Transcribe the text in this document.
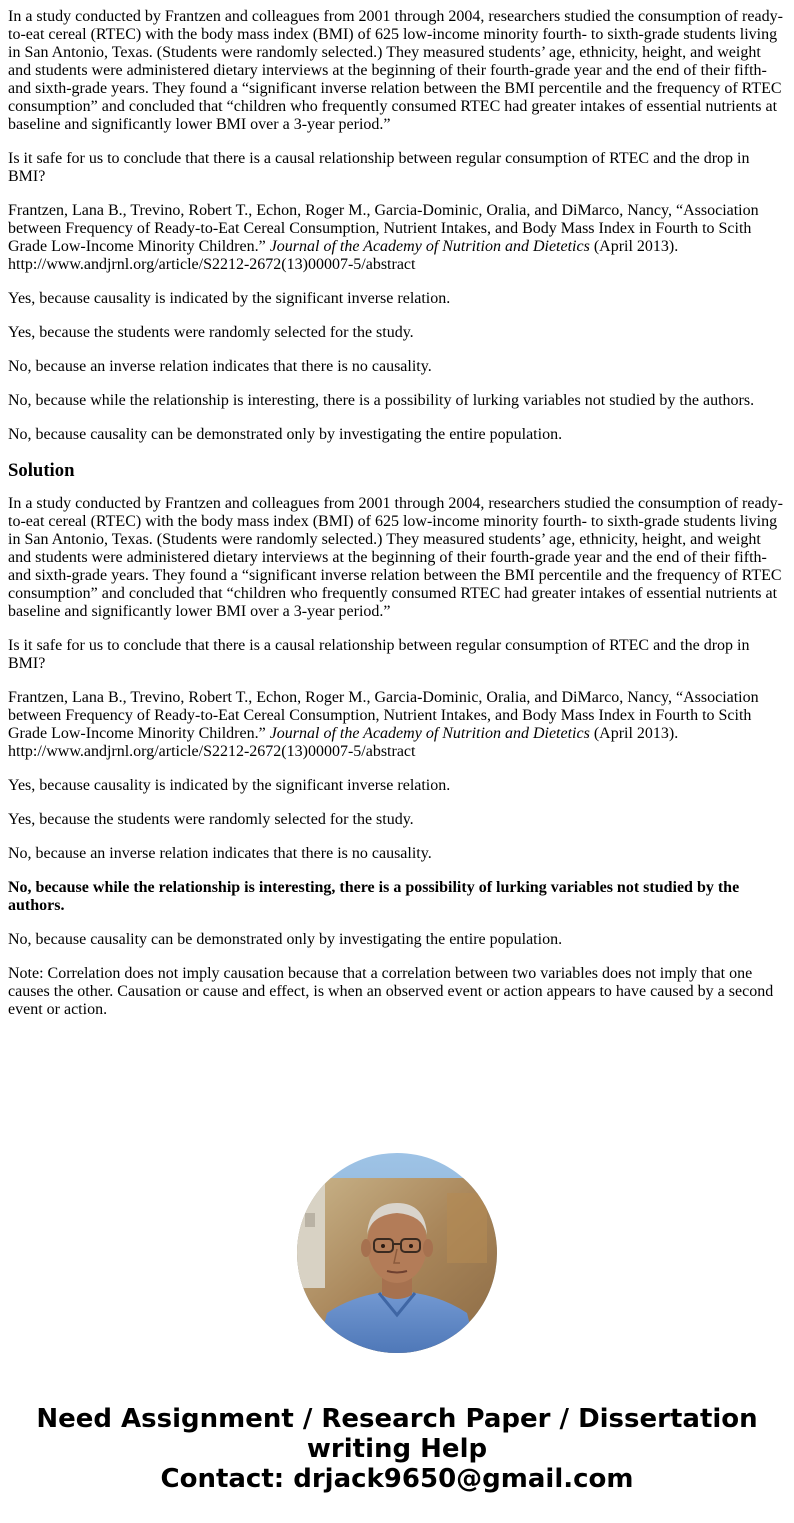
In a study conducted by Frantzen and colleagues from 2001 through 2004, researchers studied the consumption of ready-to-eat cereal (RTEC) with the body mass index (BMI) of 625 low-income minority fourth- to sixth-grade students living in San Antonio, Texas. (Students were randomly selected.) They measured students’ age, ethnicity, height, and weight and students were administered dietary interviews at the beginning of their fourth-grade year and the end of their fifth- and sixth-grade years. They found a “significant inverse relation between the BMI percentile and the frequency of RTEC consumption” and concluded that “children who frequently consumed RTEC had greater intakes of essential nutrients at baseline and significantly lower BMI over a 3-year period.”

Is it safe for us to conclude that there is a causal relationship between regular consumption of RTEC and the drop in BMI?

Frantzen, Lana B., Trevino, Robert T., Echon, Roger M., Garcia-Dominic, Oralia, and DiMarco, Nancy, “Association between Frequency of Ready-to-Eat Cereal Consumption, Nutrient Intakes, and Body Mass Index in Fourth to Scith Grade Low-Income Minority Children.” Journal of the Academy of Nutrition and Dietetics (April 2013).
http://www.andjrnl.org/article/S2212-2672(13)00007-5/abstract

Yes, because causality is indicated by the significant inverse relation.

Yes, because the students were randomly selected for the study.

No, because an inverse relation indicates that there is no causality.

No, because while the relationship is interesting, there is a possibility of lurking variables not studied by the authors.

No, because causality can be demonstrated only by investigating the entire population.

Solution

In a study conducted by Frantzen and colleagues from 2001 through 2004, researchers studied the consumption of ready-to-eat cereal (RTEC) with the body mass index (BMI) of 625 low-income minority fourth- to sixth-grade students living in San Antonio, Texas. (Students were randomly selected.) They measured students’ age, ethnicity, height, and weight and students were administered dietary interviews at the beginning of their fourth-grade year and the end of their fifth- and sixth-grade years. They found a “significant inverse relation between the BMI percentile and the frequency of RTEC consumption” and concluded that “children who frequently consumed RTEC had greater intakes of essential nutrients at baseline and significantly lower BMI over a 3-year period.”

Is it safe for us to conclude that there is a causal relationship between regular consumption of RTEC and the drop in BMI?

Frantzen, Lana B., Trevino, Robert T., Echon, Roger M., Garcia-Dominic, Oralia, and DiMarco, Nancy, “Association between Frequency of Ready-to-Eat Cereal Consumption, Nutrient Intakes, and Body Mass Index in Fourth to Scith Grade Low-Income Minority Children.” Journal of the Academy of Nutrition and Dietetics (April 2013).
http://www.andjrnl.org/article/S2212-2672(13)00007-5/abstract

Yes, because causality is indicated by the significant inverse relation.

Yes, because the students were randomly selected for the study.

No, because an inverse relation indicates that there is no causality.

No, because while the relationship is interesting, there is a possibility of lurking variables not studied by the authors.

No, because causality can be demonstrated only by investigating the entire population.

Note: Correlation does not imply causation because that a correlation between two variables does not imply that one causes the other. Causation or cause and effect, is when an observed event or action appears to have caused by a second event or action.

Need Assignment / Research Paper / Dissertation
writing Help
Contact: drjack9650@gmail.com
